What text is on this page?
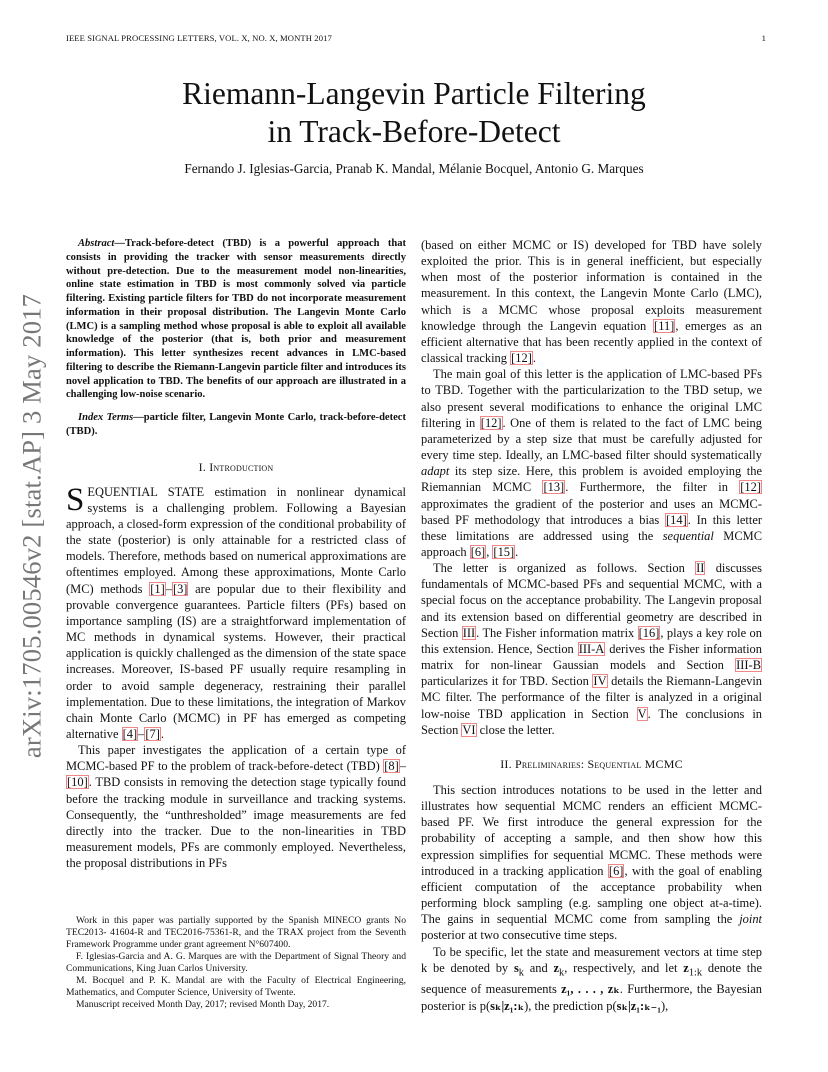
IEEE SIGNAL PROCESSING LETTERS, VOL. X, NO. X, MONTH 2017	1
arXiv:1705.00546v2 [stat.AP] 3 May 2017
Riemann-Langevin Particle Filtering
in Track-Before-Detect
Fernando J. Iglesias-Garcia, Pranab K. Mandal, Mélanie Bocquel, Antonio G. Marques

Abstract—Track-before-detect (TBD) is a powerful approach that consists in providing the tracker with sensor measurements directly without pre-detection. Due to the measurement model non-linearities, online state estimation in TBD is most commonly solved via particle filtering. Existing particle filters for TBD do not incorporate measurement information in their proposal distribution. The Langevin Monte Carlo (LMC) is a sampling method whose proposal is able to exploit all available knowledge of the posterior (that is, both prior and measurement information). This letter synthesizes recent advances in LMC-based filtering to describe the Riemann-Langevin particle filter and introduces its novel application to TBD. The benefits of our approach are illustrated in a challenging low-noise scenario.

Index Terms—particle filter, Langevin Monte Carlo, track-before-detect (TBD).

I. Introduction

SEQUENTIAL STATE estimation in nonlinear dynamical systems is a challenging problem. Following a Bayesian approach, a closed-form expression of the conditional probability of the state (posterior) is only attainable for a restricted class of models. Therefore, methods based on numerical approximations are oftentimes employed. Among these approximations, Monte Carlo (MC) methods [1]–[3] are popular due to their flexibility and provable convergence guarantees. Particle filters (PFs) based on importance sampling (IS) are a straightforward implementation of MC methods in dynamical systems. However, their practical application is quickly challenged as the dimension of the state space increases. Moreover, IS-based PF usually require resampling in order to avoid sample degeneracy, restraining their parallel implementation. Due to these limitations, the integration of Markov chain Monte Carlo (MCMC) in PF has emerged as competing alternative [4]–[7].

This paper investigates the application of a certain type of MCMC-based PF to the problem of track-before-detect (TBD) [8]–[10]. TBD consists in removing the detection stage typically found before the tracking module in surveillance and tracking systems. Consequently, the “unthresholded” image measurements are fed directly into the tracker. Due to the non-linearities in TBD measurement models, PFs are commonly employed. Nevertheless, the proposal distributions in PFs

Work in this paper was partially supported by the Spanish MINECO grants No TEC2013- 41604-R and TEC2016-75361-R, and the TRAX project from the Seventh Framework Programme under grant agreement N°607400.

F. Iglesias-Garcia and A. G. Marques are with the Department of Signal Theory and Communications, King Juan Carlos University.

M. Bocquel and P. K. Mandal are with the Faculty of Electrical Engineering, Mathematics, and Computer Science, University of Twente.

Manuscript received Month Day, 2017; revised Month Day, 2017.

(based on either MCMC or IS) developed for TBD have solely exploited the prior. This is in general inefficient, but especially when most of the posterior information is contained in the measurement. In this context, the Langevin Monte Carlo (LMC), which is a MCMC whose proposal exploits measurement knowledge through the Langevin equation [11], emerges as an efficient alternative that has been recently applied in the context of classical tracking [12].

The main goal of this letter is the application of LMC-based PFs to TBD. Together with the particularization to the TBD setup, we also present several modifications to enhance the original LMC filtering in [12]. One of them is related to the fact of LMC being parameterized by a step size that must be carefully adjusted for every time step. Ideally, an LMC-based filter should systematically adapt its step size. Here, this problem is avoided employing the Riemannian MCMC [13]. Furthermore, the filter in [12] approximates the gradient of the posterior and uses an MCMC-based PF methodology that introduces a bias [14]. In this letter these limitations are addressed using the sequential MCMC approach [6], [15].

The letter is organized as follows. Section II discusses fundamentals of MCMC-based PFs and sequential MCMC, with a special focus on the acceptance probability. The Langevin proposal and its extension based on differential geometry are described in Section III. The Fisher information matrix [16], plays a key role on this extension. Hence, Section III-A derives the Fisher information matrix for non-linear Gaussian models and Section III-B particularizes it for TBD. Section IV details the Riemann-Langevin MC filter. The performance of the filter is analyzed in a original low-noise TBD application in Section V. The conclusions in Section VI close the letter.

II. Preliminaries: Sequential MCMC

This section introduces notations to be used in the letter and illustrates how sequential MCMC renders an efficient MCMC-based PF. We first introduce the general expression for the probability of accepting a sample, and then show how this expression simplifies for sequential MCMC. These methods were introduced in a tracking application [6], with the goal of enabling efficient computation of the acceptance probability when performing block sampling (e.g. sampling one object at-a-time). The gains in sequential MCMC come from sampling the joint posterior at two consecutive time steps.

To be specific, let the state and measurement vectors at time step k be denoted by $s_k$ and $z_k$, respectively, and let $z_{1:k}$ denote the sequence of measurements z₁, . . . , zₖ. Furthermore, the Bayesian posterior is p(sₖ|z₁:ₖ), the prediction p(sₖ|z₁:ₖ₋₁),
